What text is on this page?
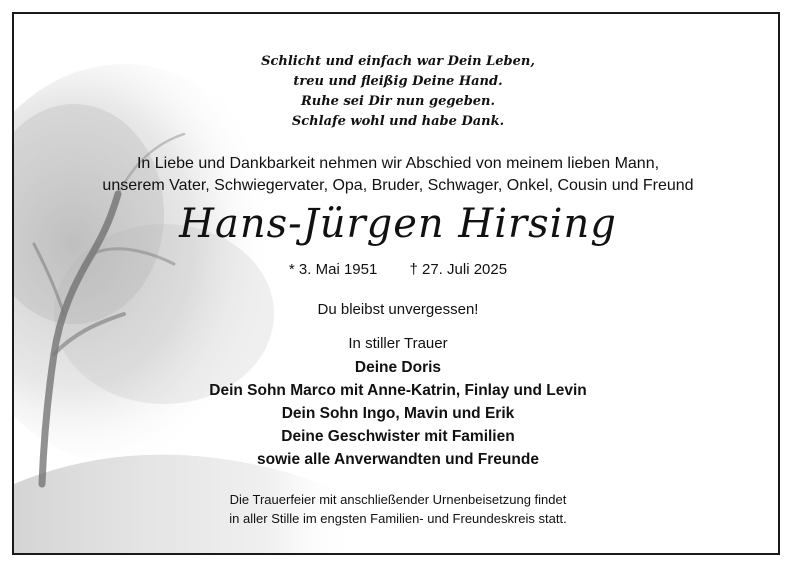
Schlicht und einfach war Dein Leben,
treu und fleißig Deine Hand.
Ruhe sei Dir nun gegeben.
Schlafe wohl und habe Dank.
In Liebe und Dankbarkeit nehmen wir Abschied von meinem lieben Mann,
unserem Vater, Schwiegervater, Opa, Bruder, Schwager, Onkel, Cousin und Freund
Hans-Jürgen Hirsing
* 3. Mai 1951 † 27. Juli 2025
Du bleibst unvergessen!
In stiller Trauer
Deine Doris
Dein Sohn Marco mit Anne-Katrin, Finlay und Levin
Dein Sohn Ingo, Mavin und Erik
Deine Geschwister mit Familien
sowie alle Anverwandten und Freunde
Die Trauerfeier mit anschließender Urnenbeisetzung findet
in aller Stille im engsten Familien- und Freundeskreis statt.
